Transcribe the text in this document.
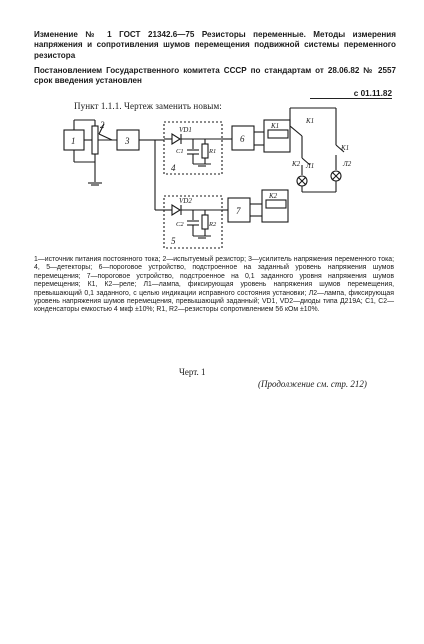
Изменение № 1 ГОСТ 21342.6—75 Резисторы переменные. Методы измерения напряжения и сопротивления шумов перемещения подвижной системы переменного резистора
Постановлением Государственного комитета СССР по стандартам от 28.06.82 № 2557 срок введения установлен
с 01.11.82
Пункт 1.1.1. Чертеж заменить новым:
1
2
3
VD1
C1	R1
4
6
К1
VD2
C2	R2
5
7
К2
К1
К2
К1
Л1	Л2
1—источник питания постоянного тока; 2—испытуемый резистор; 3—усилитель напряжения переменного тока; 4, 5—детекторы; 6—пороговое устройство, подстроенное на заданный уровень напряжения шумов перемещения; 7—пороговое устройство, подстроенное на 0,1 заданного уровня напряжения шумов перемещения; К1, К2—реле; Л1—лампа, фиксирующая уровень напряжения шумов перемещения, превышающий 0,1 заданного, с целью индикации исправного состояния установки; Л2—лампа, фиксирующая уровень напряжения шумов перемещения, превышающий заданный; VD1, VD2—диоды типа Д219А; C1, C2—конденсаторы емкостью 4 мкф ±10%; R1, R2—резисторы сопротивлением 56 кОм ±10%.
Черт. 1
(Продолжение см. стр. 212)
